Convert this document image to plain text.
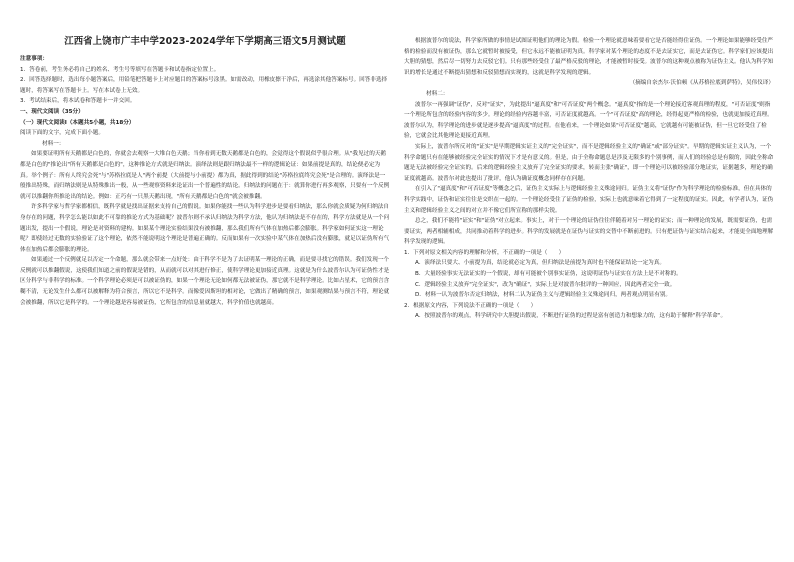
江西省上饶市广丰中学2023-2024学年下学期高三语文5月测试题

注意事项：

1．答卷前，考生务必将自己的姓名、考生号等填写在答题卡和试卷指定位置上。

2．回答选择题时，选出每小题答案后，用铅笔把答题卡上对应题目的答案标号涂黑。如需改动，用橡皮擦干净后，再选涂其他答案标号。回答非选择题时，将答案写在答题卡上。写在本试卷上无效。

3．考试结束后，将本试卷和答题卡一并交回。

一、现代文阅读（35分）

（一）现代文阅读Ⅰ（本题共5小题，共18分）

阅读下面的文字，完成下面小题。

材料一：

如果要证明所有天鹅都是白色的，你就会去观察一大堆白色天鹅；当你看到无数天鹅都是白色的，会觉得这个假说似乎很合理。从"我见过的天鹅都是白色的"推论出"所有天鹅都是白色的"，这种推论方式就是归纳法。演绎法则是跟归纳法最不一样的逻辑论证：如果前提是真的，结论便必定为真。举个例子：所有人终究会死"与"苏格拉底是人"两个前提（大前提与小前提）都为真，据此得到的结论"苏格拉底终究会死"是合理的。演绎法是一般推出特殊，而归纳法则是从特殊推出一般，从一些观察资料来论证出一个普遍性的结论。归纳法的问题在于：就算你进行再多观察，只要有一个反例就可以推翻你所推论出的结论。例如：正巧有一只黑天鹅出现，"所有天鹅都是白色的"就会被推翻。

许多科学家与哲学家都相信，既科学就是找出证据来支持自己的假说。如果你能找一些认为科学进步是要看归纳法，那么你就会质疑为何归纳法自身存在的问题，科学怎么能以如此不可靠的推论方式为基础呢？波普尔则不承认归纳法为科学方法，他认为归纳法是不存在的，科学方法就是从一个问题出发，提出一个假说，理论是对资料的建构。如果某个理论实验结果没有被推翻，那么我们所有气体在加热后都会膨胀。科学家如何证实这一理论呢？即使经过无数的实验验证了这个理论，依然不能说明这个理论是普遍正确的。反而如果有一次实验中某气体在加热后没有膨胀，就足以证伪所有气体在加热后都会膨胀的理论。

如果通过一个反例就足以否定一个命题，那么就会带来一点好处：由于科学不是为了去证明某一理论的正确，而是要寻找它的错误。我们发现一个反例就可以推翻假说，这使我们知道之前的假说是错的，从而就可以对其进行修正，使科学理论更加接近真理。这就是为什么波普尔认为可证伪性才是区分科学与非科学的标准。一个科学理论必须是可以被证伪的，如果一个理论无论如何都无法被证伪，那它就不是科学理论。比如占星术，它的预言含糊不清，无论发生什么都可以被解释为符合预言，所以它不是科学。而像爱因斯坦的相对论，它做出了精确的预言，如果观测结果与预言不符，理论就会被推翻，所以它是科学的。一个理论越是容易被证伪，它所包含的信息量就越大，科学价值也就越高。

根据波普尔的说法，科学家所做的事情是试图证明他们的理论为假。检验一个理论就意味着要看它是否能经得住证伪。一个理论如果能够经受住严格的检验而没有被证伪，那么它就暂时被接受，但它永远不能被证明为真。科学家对某个理论的态度不是去证实它，而是去证伪它。科学家们应该提出大胆的猜想，然后尽一切努力去反驳它们。只有那些经受住了最严格反驳的理论，才能被暂时接受。波普尔的这种观点被称为证伪主义。他认为科学知识的增长是通过不断提出猜想和反驳猜想而实现的，这就是科学发现的逻辑。

（摘编自奈杰尔·沃伯顿《从苏格拉底到萨特》，吴伟仪译）

材料二：

波普尔一再强调"证伪"，反对"证实"，为此提出"逼真度"和"可否证度"两个概念。"逼真度"指的是一个理论接近客观真理的程度，"可否证度"则指一个理论所包含的经验内容的多少。理论的经验内容越丰富，可否证度就越高。一个"可否证度"高的理论，经得起更严格的检验，也就更加接近真理。波普尔认为，科学理论的进步就是逐步提高"逼真度"的过程。在他看来，一个理论如果"可否证度"越高，它就越有可能被证伪，但一旦它经受住了检验，它就会比其他理论更接近真理。

实际上，波普尔所反对的"证实"是早期逻辑实证主义的"完全证实"，而不是逻辑经验主义的"确证"或"部分证实"。早期的逻辑实证主义认为，一个科学命题只有在能够被经验完全证实的情况下才是有意义的。但是，由于全称命题总是涉及无限多的个别事例，而人们的经验总是有限的，因此全称命题是无法被经验完全证实的。后来的逻辑经验主义放弃了完全证实的要求，转而主张"确证"，即一个理论可以被经验部分地证实，证据越多，理论的确证度就越高。波普尔对此也提出了批评，他认为确证度概念同样存在问题。

在引入了"逼真度"和"可否证度"等概念之后，证伪主义实际上与逻辑经验主义殊途同归。证伪主义将"证伪"作为科学理论的检验标准，但在具体的科学实践中，证伪和证实往往是交织在一起的。一个理论经受住了证伪的检验，实际上也就意味着它得到了一定程度的证实。因此，有学者认为，证伪主义和逻辑经验主义之间的对立并不像它们所宣称的那样尖锐。

总之，我们不能将"证实"和"证伪"对立起来。事实上，对于一个理论的证伪往往伴随着对另一理论的证实；而一种理论的发展，既需要证伪，也需要证实，两者相辅相成，共同推动着科学的进步。科学的发展就是在证伪与证实的交替中不断前进的。只有把证伪与证实结合起来，才能更全面地理解科学发现的逻辑。

1．下列对原文相关内容的理解和分析，不正确的一项是（　　）

A．演绎法只要大、小前提为真，结论就必定为真，但归纳法是前提为真时也不能保证结论一定为真。

B．大量经验事实无法证实的一个假说，却有可能被个别事实证伪，这说明证伪与证实在方法上是不对称的。

C．逻辑经验主义放弃"完全证实"，改为"确证"，实际上是对波普尔批评的一种回应，因此两者完全一致。

D．材料一认为波普尔否定归纳法，材料二认为证伪主义与逻辑经验主义殊途同归，两者观点明显有别。

2．根据原文内容，下列说法不正确的一项是（　　）

A．按照波普尔的观点，科学研究中大胆提出假说，不断进行证伪的过程是富有创造力和想象力的，这有助于解释"科学革命"。
